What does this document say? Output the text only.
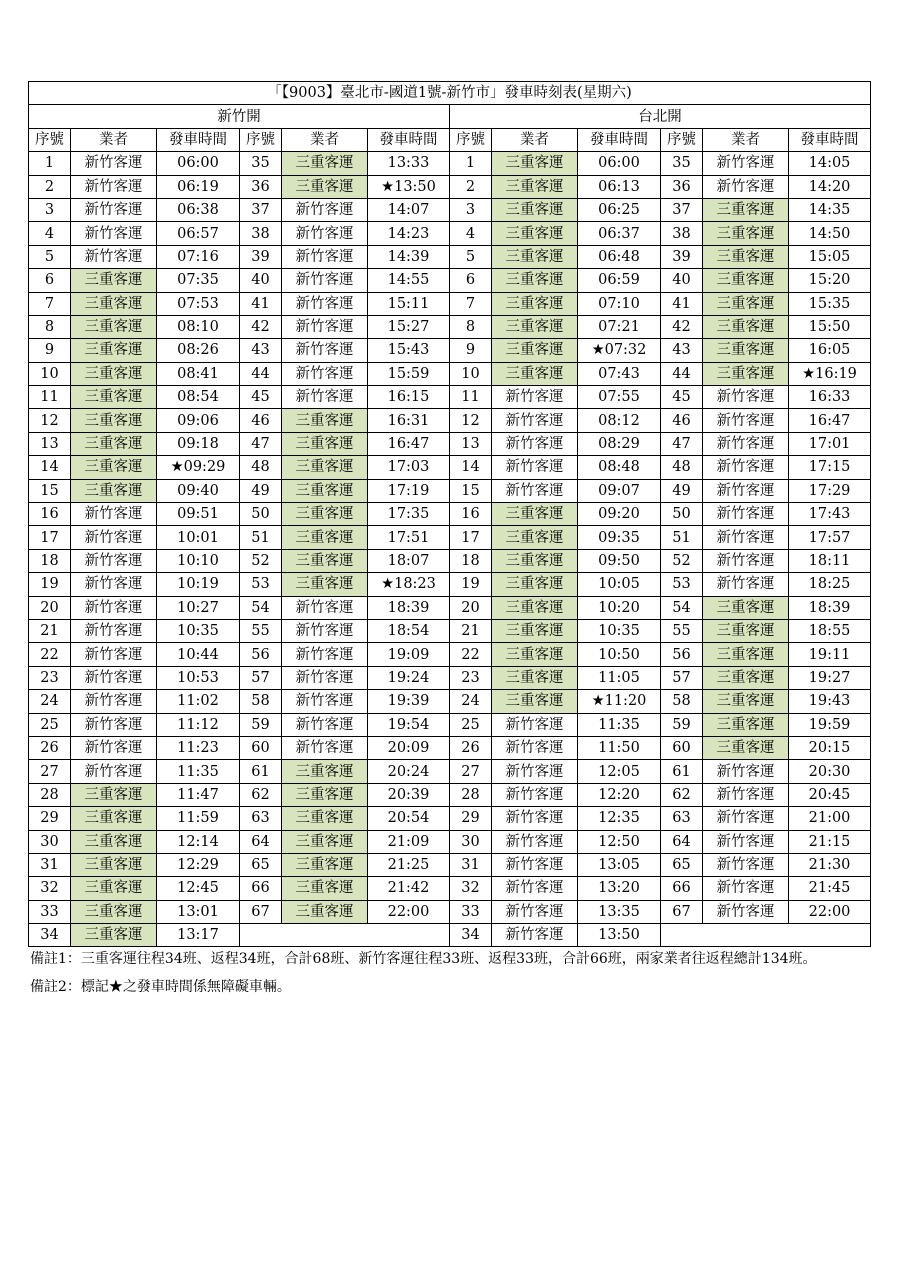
「【9003】臺北市-國道1號-新竹市」發車時刻表(星期六)											
新竹開						台北開					
序號	業者	發車時間	序號	業者	發車時間	序號	業者	發車時間	序號	業者	發車時間
1	新竹客運	06:00	35	三重客運	13:33	1	三重客運	06:00	35	新竹客運	14:05
2	新竹客運	06:19	36	三重客運	★13:50	2	三重客運	06:13	36	新竹客運	14:20
3	新竹客運	06:38	37	新竹客運	14:07	3	三重客運	06:25	37	三重客運	14:35
4	新竹客運	06:57	38	新竹客運	14:23	4	三重客運	06:37	38	三重客運	14:50
5	新竹客運	07:16	39	新竹客運	14:39	5	三重客運	06:48	39	三重客運	15:05
6	三重客運	07:35	40	新竹客運	14:55	6	三重客運	06:59	40	三重客運	15:20
7	三重客運	07:53	41	新竹客運	15:11	7	三重客運	07:10	41	三重客運	15:35
8	三重客運	08:10	42	新竹客運	15:27	8	三重客運	07:21	42	三重客運	15:50
9	三重客運	08:26	43	新竹客運	15:43	9	三重客運	★07:32	43	三重客運	16:05
10	三重客運	08:41	44	新竹客運	15:59	10	三重客運	07:43	44	三重客運	★16:19
11	三重客運	08:54	45	新竹客運	16:15	11	新竹客運	07:55	45	新竹客運	16:33
12	三重客運	09:06	46	三重客運	16:31	12	新竹客運	08:12	46	新竹客運	16:47
13	三重客運	09:18	47	三重客運	16:47	13	新竹客運	08:29	47	新竹客運	17:01
14	三重客運	★09:29	48	三重客運	17:03	14	新竹客運	08:48	48	新竹客運	17:15
15	三重客運	09:40	49	三重客運	17:19	15	新竹客運	09:07	49	新竹客運	17:29
16	新竹客運	09:51	50	三重客運	17:35	16	三重客運	09:20	50	新竹客運	17:43
17	新竹客運	10:01	51	三重客運	17:51	17	三重客運	09:35	51	新竹客運	17:57
18	新竹客運	10:10	52	三重客運	18:07	18	三重客運	09:50	52	新竹客運	18:11
19	新竹客運	10:19	53	三重客運	★18:23	19	三重客運	10:05	53	新竹客運	18:25
20	新竹客運	10:27	54	新竹客運	18:39	20	三重客運	10:20	54	三重客運	18:39
21	新竹客運	10:35	55	新竹客運	18:54	21	三重客運	10:35	55	三重客運	18:55
22	新竹客運	10:44	56	新竹客運	19:09	22	三重客運	10:50	56	三重客運	19:11
23	新竹客運	10:53	57	新竹客運	19:24	23	三重客運	11:05	57	三重客運	19:27
24	新竹客運	11:02	58	新竹客運	19:39	24	三重客運	★11:20	58	三重客運	19:43
25	新竹客運	11:12	59	新竹客運	19:54	25	新竹客運	11:35	59	三重客運	19:59
26	新竹客運	11:23	60	新竹客運	20:09	26	新竹客運	11:50	60	三重客運	20:15
27	新竹客運	11:35	61	三重客運	20:24	27	新竹客運	12:05	61	新竹客運	20:30
28	三重客運	11:47	62	三重客運	20:39	28	新竹客運	12:20	62	新竹客運	20:45
29	三重客運	11:59	63	三重客運	20:54	29	新竹客運	12:35	63	新竹客運	21:00
30	三重客運	12:14	64	三重客運	21:09	30	新竹客運	12:50	64	新竹客運	21:15
31	三重客運	12:29	65	三重客運	21:25	31	新竹客運	13:05	65	新竹客運	21:30
32	三重客運	12:45	66	三重客運	21:42	32	新竹客運	13:20	66	新竹客運	21:45
33	三重客運	13:01	67	三重客運	22:00	33	新竹客運	13:35	67	新竹客運	22:00
34	三重客運	13:17				34	新竹客運	13:50			

備註1：三重客運往程34班、返程34班，合計68班、新竹客運往程33班、返程33班，合計66班，兩家業者往返程總計134班。

備註2：標記★之發車時間係無障礙車輛。
